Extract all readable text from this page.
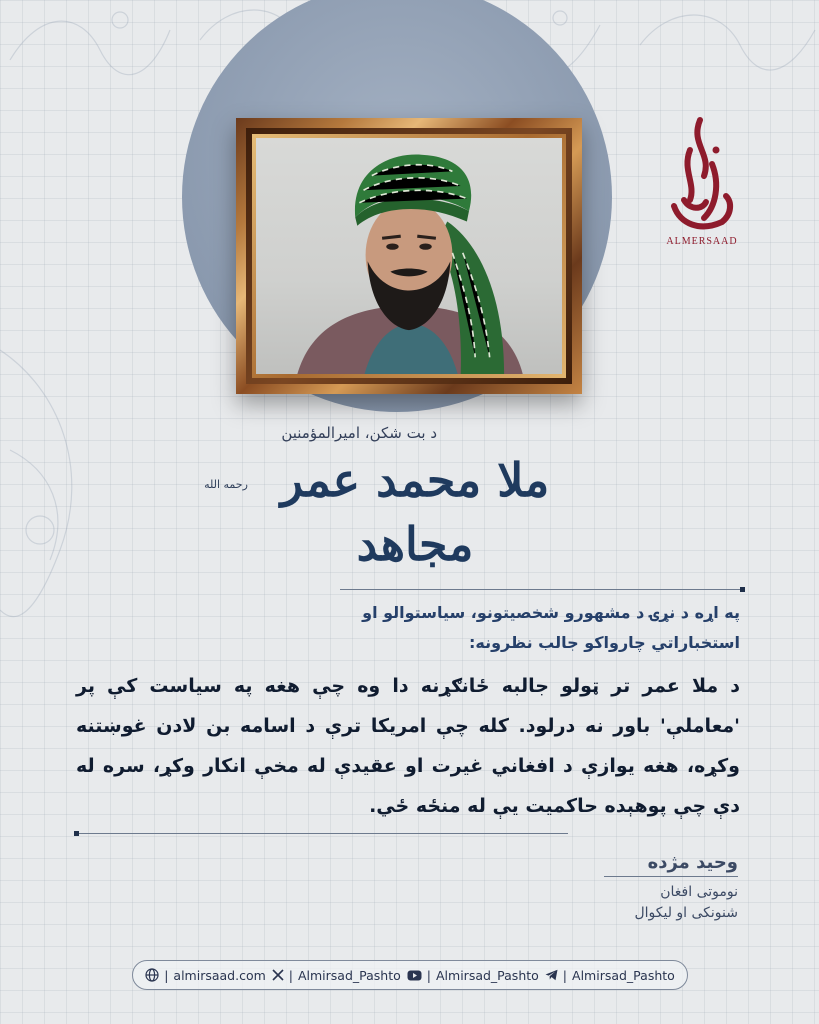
ALMERSAAD
د بت شکن، امیرالمؤمنین
رحمه الله ملا محمد عمر مجاهد
په اړه د نړۍ د مشهورو شخصیتونو، سیاستوالو او
استخباراتي چارواکو جالب نظرونه:
د ملا عمر تر ټولو جالبه ځانګړنه دا وه چې هغه په سیاست کې پر 'معاملې' باور نه درلود. کله چې امریکا ترې د اسامه بن لادن غوښتنه وکړه، هغه یوازې د افغاني غیرت او عقیدې له مخې انکار وکړ، سره له دې چې پوهېده حاکمیت یې له منځه ځي.
وحید مژده
نوموتی افغان
شنونکی او لیکوال
| almirsaad.com | Almirsad_Pashto | Almirsad_Pashto | Almirsad_Pashto
